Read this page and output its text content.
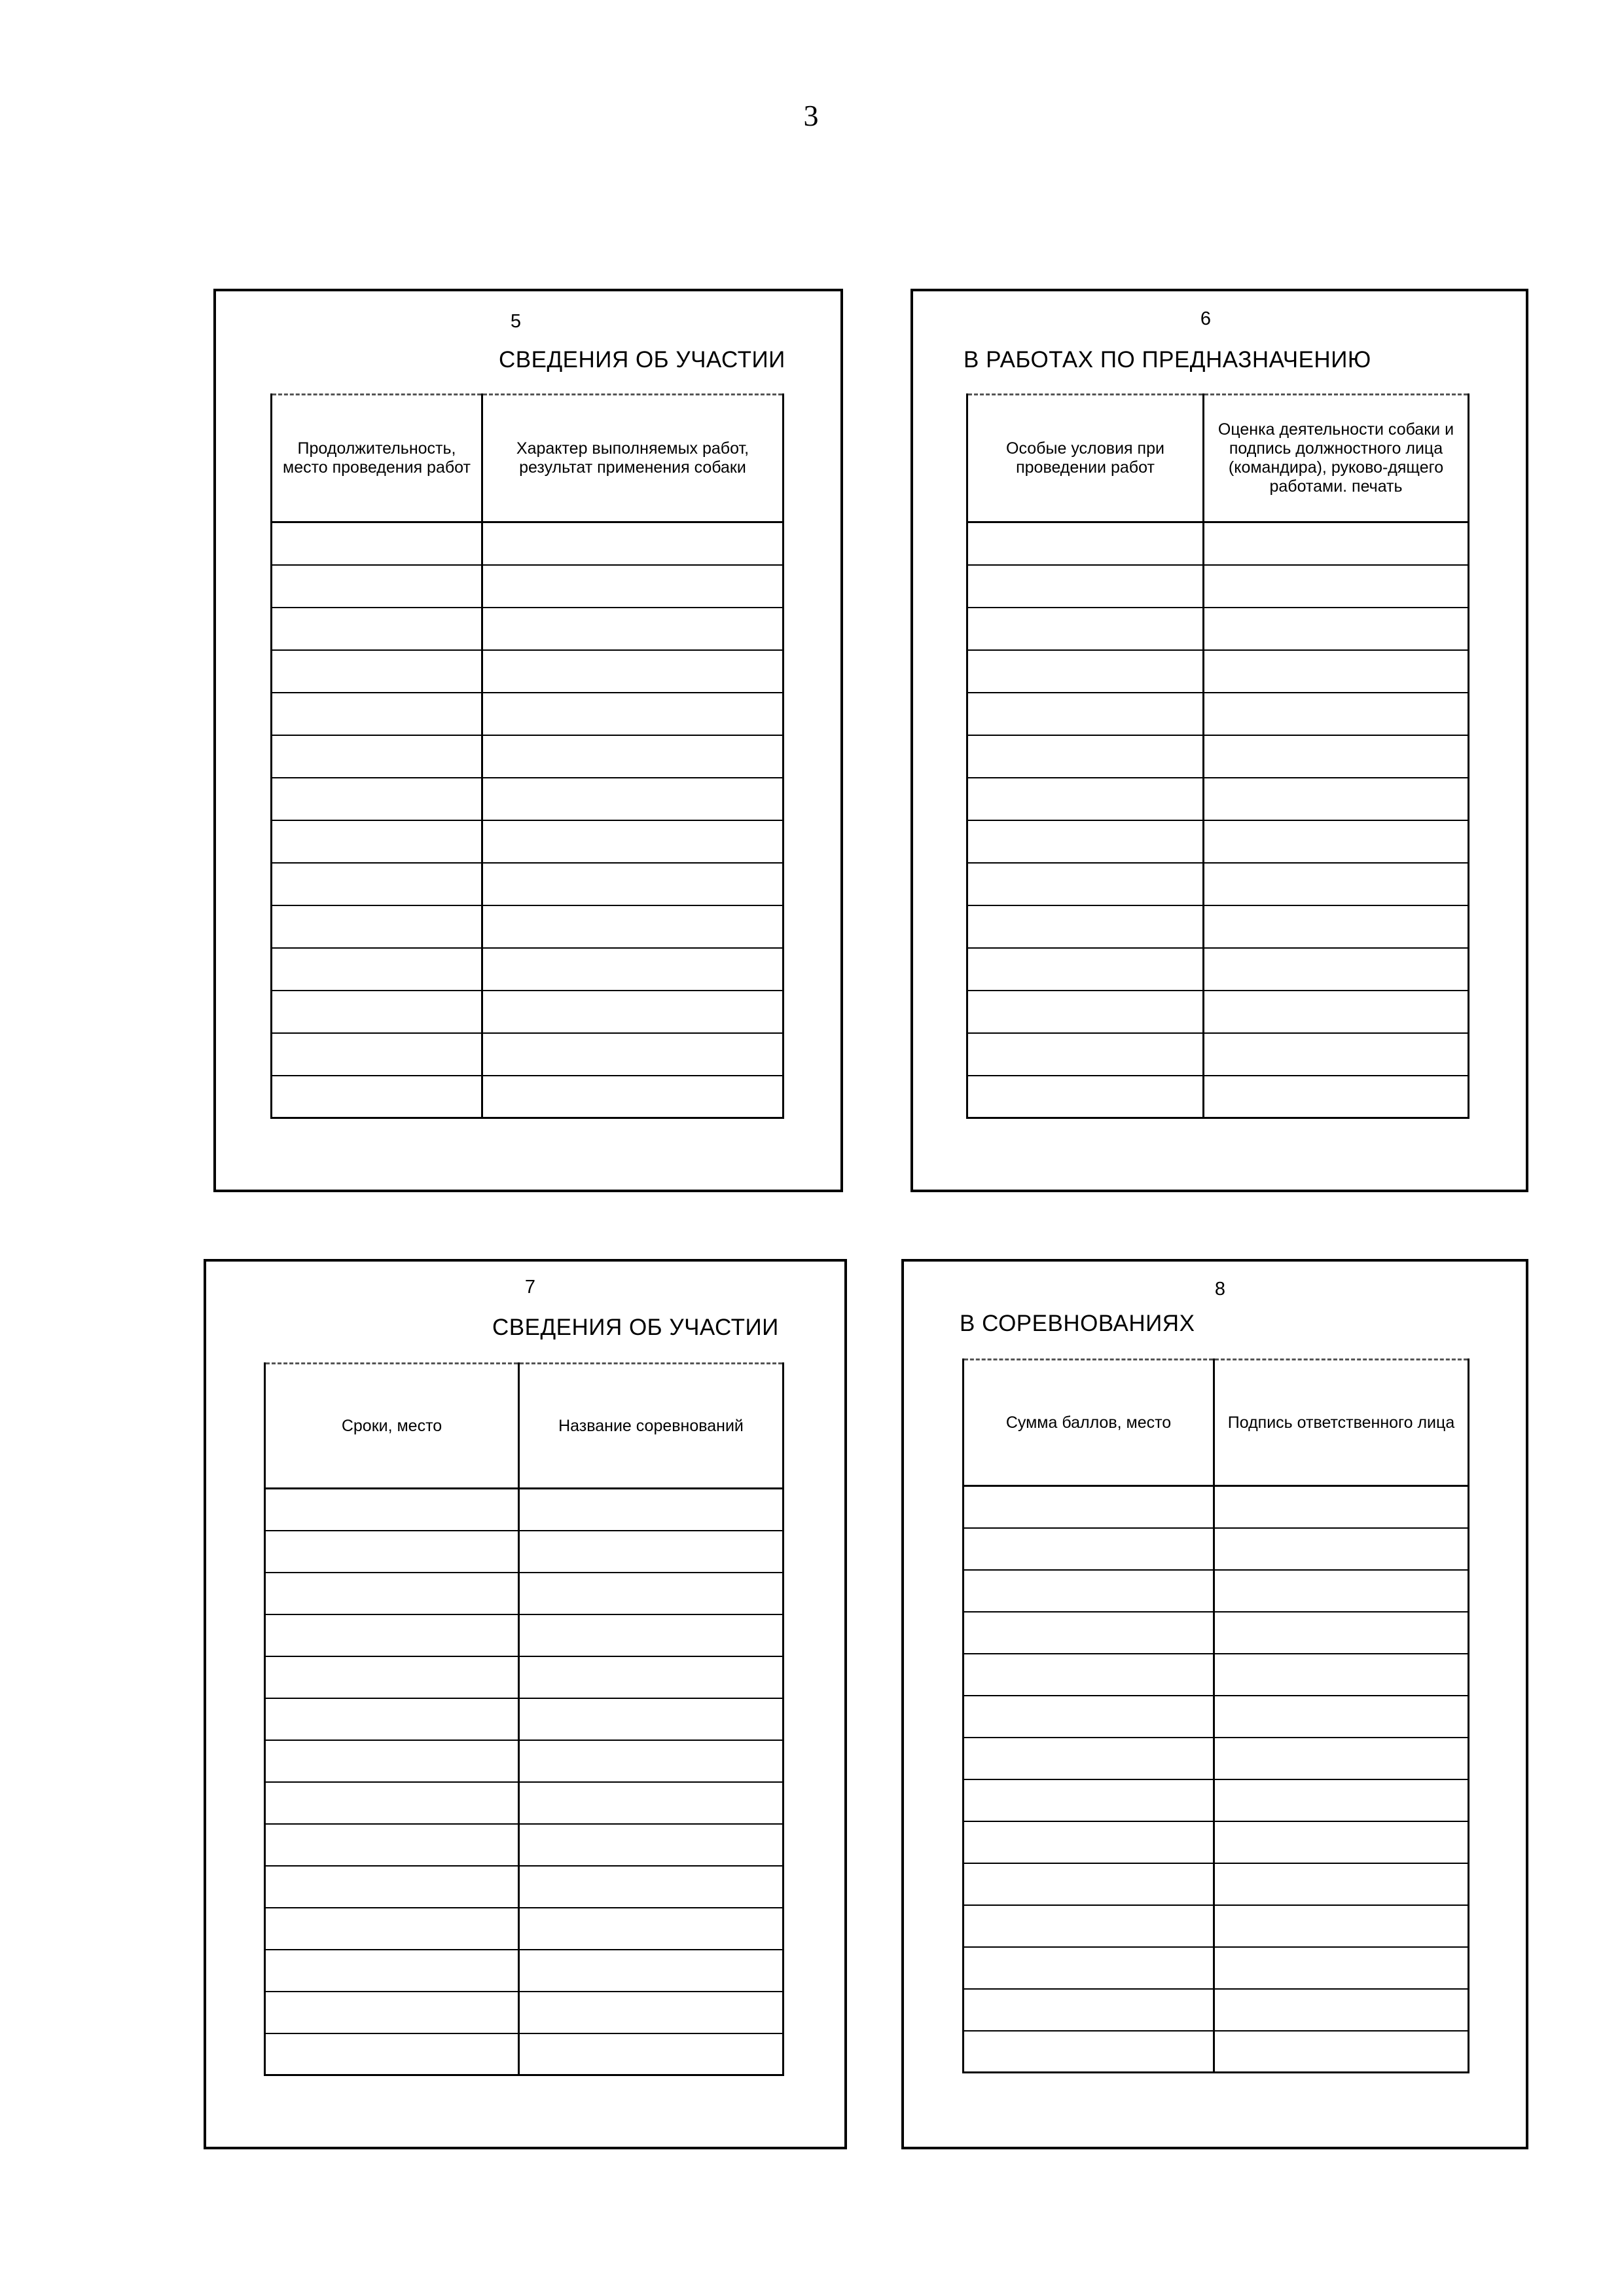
3
5
СВЕДЕНИЯ ОБ УЧАСТИИ
Продолжительность, место проведения работ	Характер выполняемых работ, результат применения собаки

6
В РАБОТАХ ПО ПРЕДНАЗНАЧЕНИЮ
Особые условия при проведении работ	Оценка деятельности собаки и подпись должностного лица (командира), руково-дящего работами. печать

7
СВЕДЕНИЯ ОБ УЧАСТИИ
Сроки, место	Название соревнований

8
В СОРЕВНОВАНИЯХ
Сумма баллов, место	Подпись ответственного лица
